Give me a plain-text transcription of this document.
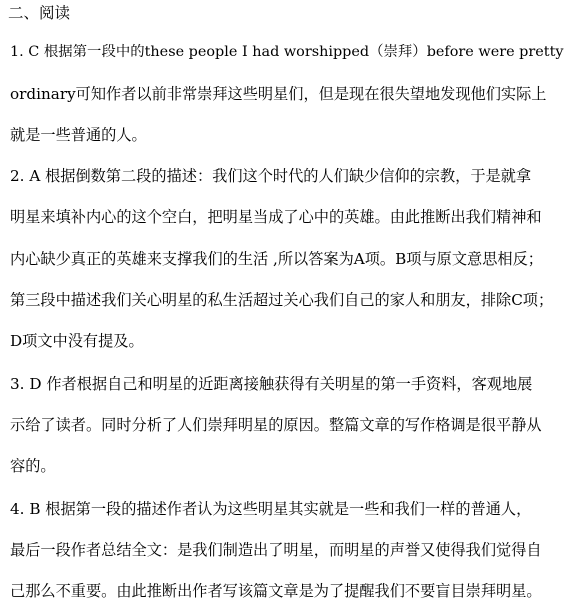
二、阅读
1. C 根据第一段中的these people I had worshipped（崇拜）before were pretty
ordinary可知作者以前非常崇拜这些明星们，但是现在很失望地发现他们实际上
就是一些普通的人。
2. A 根据倒数第二段的描述：我们这个时代的人们缺少信仰的宗教，于是就拿
明星来填补内心的这个空白，把明星当成了心中的英雄。由此推断出我们精神和
内心缺少真正的英雄来支撑我们的生活 ,所以答案为A项。B项与原文意思相反；
第三段中描述我们关心明星的私生活超过关心我们自己的家人和朋友，排除C项；
D项文中没有提及。
3. D 作者根据自己和明星的近距离接触获得有关明星的第一手资料，客观地展
示给了读者。同时分析了人们崇拜明星的原因。整篇文章的写作格调是很平静从
容的。
4. B 根据第一段的描述作者认为这些明星其实就是一些和我们一样的普通人，
最后一段作者总结全文：是我们制造出了明星，而明星的声誉又使得我们觉得自
己那么不重要。由此推断出作者写该篇文章是为了提醒我们不要盲目崇拜明星。
